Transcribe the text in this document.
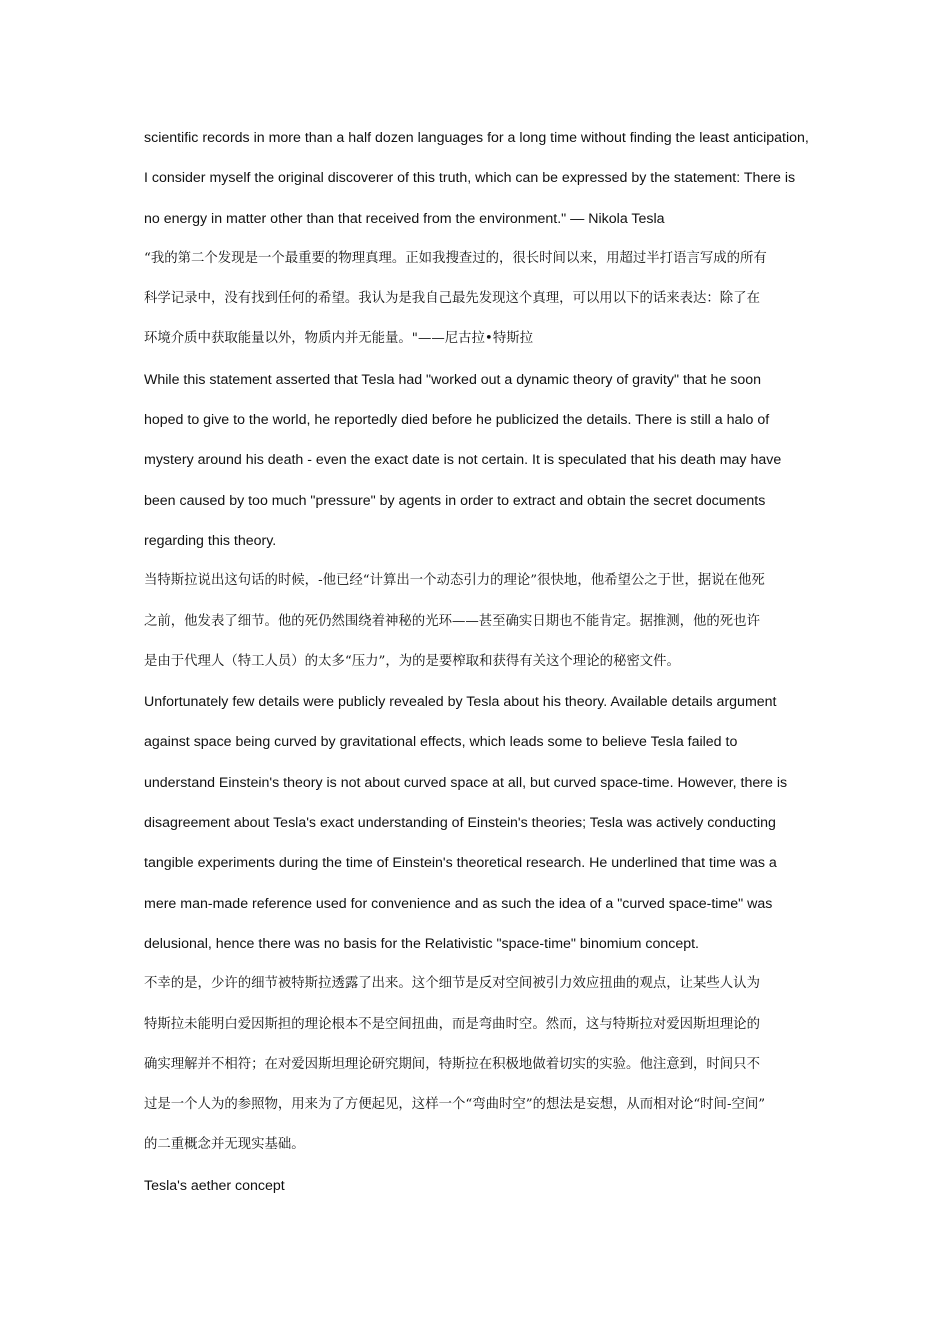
scientific records in more than a half dozen languages for a long time without finding the least anticipation,
I consider myself the original discoverer of this truth, which can be expressed by the statement: There is
no energy in matter other than that received from the environment." — Nikola Tesla
“我的第二个发现是一个最重要的物理真理。正如我搜查过的，很长时间以来，用超过半打语言写成的所有
科学记录中，没有找到任何的希望。我认为是我自己最先发现这个真理，可以用以下的话来表达：除了在
环境介质中获取能量以外，物质内并无能量。"——尼古拉•特斯拉
While this statement asserted that Tesla had "worked out a dynamic theory of gravity" that he soon
hoped to give to the world, he reportedly died before he publicized the details. There is still a halo of
mystery around his death - even the exact date is not certain. It is speculated that his death may have
been caused by too much "pressure" by agents in order to extract and obtain the secret documents
regarding this theory.
当特斯拉说出这句话的时候，-他已经“计算出一个动态引力的理论”很快地，他希望公之于世，据说在他死
之前，他发表了细节。他的死仍然围绕着神秘的光环——甚至确实日期也不能肯定。据推测，他的死也许
是由于代理人（特工人员）的太多“压力”，为的是要榨取和获得有关这个理论的秘密文件。
Unfortunately few details were publicly revealed by Tesla about his theory. Available details argument
against space being curved by gravitational effects, which leads some to believe Tesla failed to
understand Einstein's theory is not about curved space at all, but curved space-time. However, there is
disagreement about Tesla's exact understanding of Einstein's theories; Tesla was actively conducting
tangible experiments during the time of Einstein's theoretical research. He underlined that time was a
mere man-made reference used for convenience and as such the idea of a "curved space-time" was
delusional, hence there was no basis for the Relativistic "space-time" binomium concept.
不幸的是，少许的细节被特斯拉透露了出来。这个细节是反对空间被引力效应扭曲的观点，让某些人认为
特斯拉未能明白爱因斯担的理论根本不是空间扭曲，而是弯曲时空。然而，这与特斯拉对爱因斯坦理论的
确实理解并不相符；在对爱因斯坦理论研究期间，特斯拉在积极地做着切实的实验。他注意到，时间只不
过是一个人为的参照物，用来为了方便起见，这样一个“弯曲时空”的想法是妄想，从而相对论“时间-空间”
的二重概念并无现实基础。
Tesla's aether concept
